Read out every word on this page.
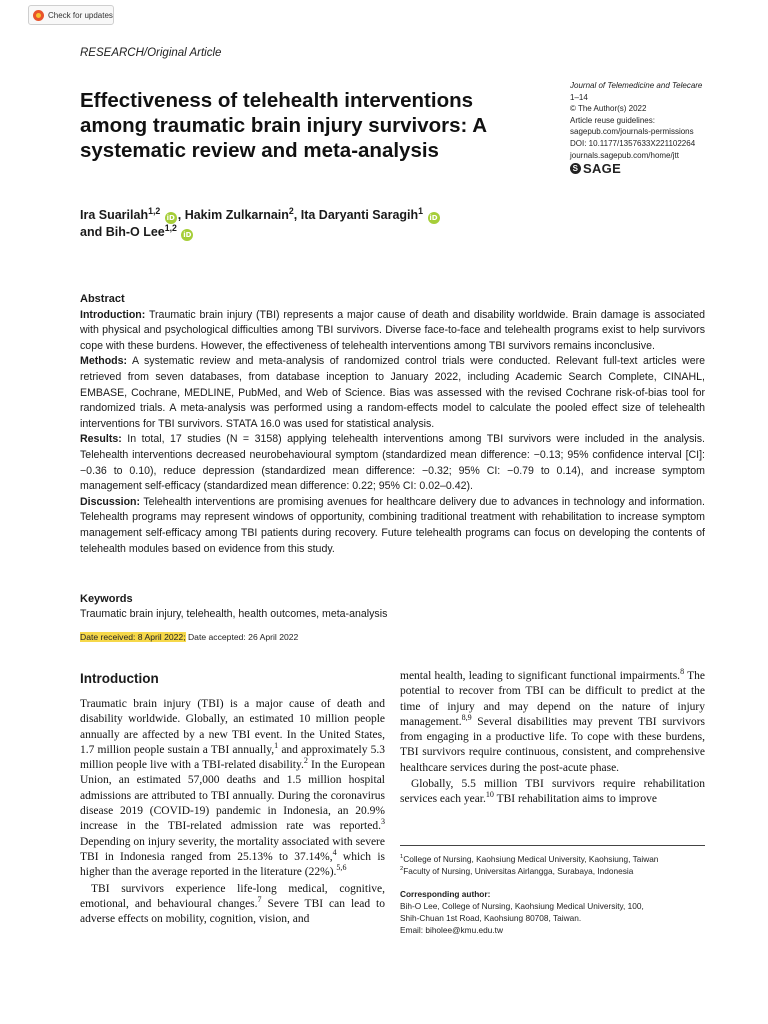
Check for updates
RESEARCH/Original Article
Effectiveness of telehealth interventions among traumatic brain injury survivors: A systematic review and meta-analysis
Journal of Telemedicine and Telecare
1–14
© The Author(s) 2022
Article reuse guidelines:
sagepub.com/journals-permissions
DOI: 10.1177/1357633X221102264
journals.sagepub.com/home/jtt
S SAGE
Ira Suarilah$^{1,2}$ iD , Hakim Zulkarnain$^2$, Ita Daryanti Saragih$^1$ iD
and Bih-O Lee$^{1,2}$ iD
Abstract

Introduction: Traumatic brain injury (TBI) represents a major cause of death and disability worldwide. Brain damage is associated with physical and psychological difficulties among TBI survivors. Diverse face-to-face and telehealth programs exist to help survivors cope with these burdens. However, the effectiveness of telehealth interventions among TBI survivors remains inconclusive.

Methods: A systematic review and meta-analysis of randomized control trials were conducted. Relevant full-text articles were retrieved from seven databases, from database inception to January 2022, including Academic Search Complete, CINAHL, EMBASE, Cochrane, MEDLINE, PubMed, and Web of Science. Bias was assessed with the revised Cochrane risk-of-bias tool for randomized trials. A meta-analysis was performed using a random-effects model to calculate the pooled effect size of telehealth interventions for TBI survivors. STATA 16.0 was used for statistical analysis.

Results: In total, 17 studies (N = 3158) applying telehealth interventions among TBI survivors were included in the analysis. Telehealth interventions decreased neurobehavioural symptom (standardized mean difference: −0.13; 95% confidence interval [CI]: −0.36 to 0.10), reduce depression (standardized mean difference: −0.32; 95% CI: −0.79 to 0.14), and increase symptom management self-efficacy (standardized mean difference: 0.22; 95% CI: 0.02–0.42).

Discussion: Telehealth interventions are promising avenues for healthcare delivery due to advances in technology and information. Telehealth programs may represent windows of opportunity, combining traditional treatment with rehabilitation to increase symptom management self-efficacy among TBI patients during recovery. Future telehealth programs can focus on developing the contents of telehealth modules based on evidence from this study.

Keywords
Traumatic brain injury, telehealth, health outcomes, meta-analysis
Date received: 8 April 2022; Date accepted: 26 April 2022
Introduction

Traumatic brain injury (TBI) is a major cause of death and disability worldwide. Globally, an estimated 10 million people annually are affected by a new TBI event. In the United States, 1.7 million people sustain a TBI annually,$^1$ and approximately 5.3 million people live with a TBI-related disability.$^2$ In the European Union, an estimated 57,000 deaths and 1.5 million hospital admissions are attributed to TBI annually. During the coronavirus disease 2019 (COVID-19) pandemic in Indonesia, an 20.9% increase in the TBI-related admission rate was reported.$^3$ Depending on injury severity, the mortality associated with severe TBI in Indonesia ranged from 25.13% to 37.14%,$^4$ which is higher than the average reported in the literature (22%).$^{5,6}$

TBI survivors experience life-long medical, cognitive, emotional, and behavioural changes.$^7$ Severe TBI can lead to adverse effects on mobility, cognition, vision, and

mental health, leading to significant functional impairments.$^8$ The potential to recover from TBI can be difficult to predict at the time of injury and may depend on the nature of injury management.$^{8,9}$ Several disabilities may prevent TBI survivors from engaging in a productive life. To cope with these burdens, TBI survivors require continuous, consistent, and comprehensive healthcare services during the post-acute phase.

Globally, 5.5 million TBI survivors require rehabilitation services each year.$^{10}$ TBI rehabilitation aims to improve

$^1$College of Nursing, Kaohsiung Medical University, Kaohsiung, Taiwan
$^2$Faculty of Nursing, Universitas Airlangga, Surabaya, Indonesia
Corresponding author:
Bih-O Lee, College of Nursing, Kaohsiung Medical University, 100,
Shih-Chuan 1st Road, Kaohsiung 80708, Taiwan.
Email: biholee@kmu.edu.tw
